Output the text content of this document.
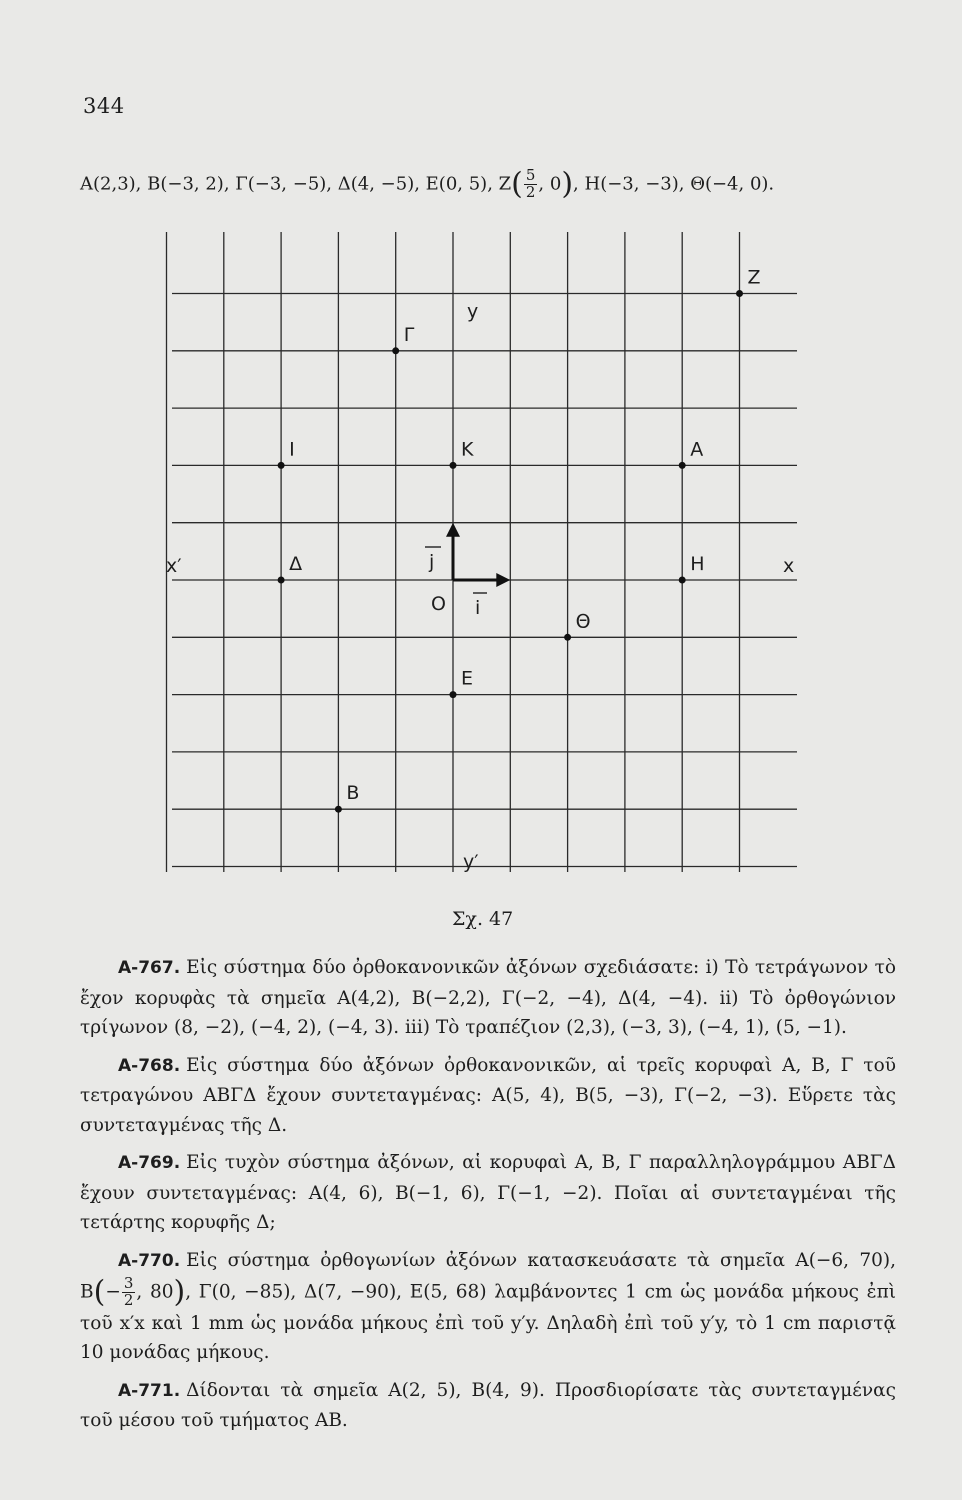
344
Α(2,3), Β(−3, 2), Γ(−3, −5), Δ(4, −5), Ε(0, 5), $Z( \frac{5}{2}$ , 0), Η(−3, −3), Θ(−4, 0).
y
y′
x
x′
O i
j
Ζ
Γ
Ι	Κ	Α
Δ	Η
Θ
Ε
Β
Σχ. 47
Α-767. Εἰς σύστημα δύο ὀρθοκανονικῶν ἀξόνων σχεδιάσατε: i) Τὸ τετράγωνον τὸ ἔχον κορυφὰς τὰ σημεῖα Α(4,2), Β(−2,2), Γ(−2, −4), Δ(4, −4). ii) Τὸ ὀρθογώνιον τρίγωνον (8, −2), (−4, 2), (−4, 3). iii) Τὸ τραπέζιον (2,3), (−3, 3), (−4, 1), (5, −1).
Α-768. Εἰς σύστημα δύο ἀξόνων ὀρθοκανονικῶν, αἱ τρεῖς κορυφαὶ Α, Β, Γ τοῦ τετραγώνου ΑΒΓΔ ἔχουν συντεταγμένας: Α(5, 4), Β(5, −3), Γ(−2, −3). Εὕρετε τὰς συντεταγμένας τῆς Δ.
Α-769. Εἰς τυχὸν σύστημα ἀξόνων, αἱ κορυφαὶ Α, Β, Γ παραλληλογράμμου ΑΒΓΔ ἔχουν συντεταγμένας: Α(4, 6), Β(−1, 6), Γ(−1, −2). Ποῖαι αἱ συντεταγμέναι τῆς τετάρτης κορυφῆς Δ;
Α-770. Εἰς σύστημα ὀρθογωνίων ἀξόνων κατασκευάσατε τὰ σημεῖα Α(−6, 70), $B(- \frac{3}{2}$ , 80), Γ(0, −85), Δ(7, −90), Ε(5, 68) λαμβάνοντες 1 cm ὡς μονάδα μήκους ἐπὶ τοῦ x′x καὶ 1 mm ὡς μονάδα μήκους ἐπὶ τοῦ y′y. Δηλαδὴ ἐπὶ τοῦ y′y, τὸ 1 cm παριστᾷ 10 μονάδας μήκους.
Α-771. Δίδονται τὰ σημεῖα Α(2, 5), Β(4, 9). Προσδιορίσατε τὰς συντεταγμένας τοῦ μέσου τοῦ τμήματος ΑΒ.
